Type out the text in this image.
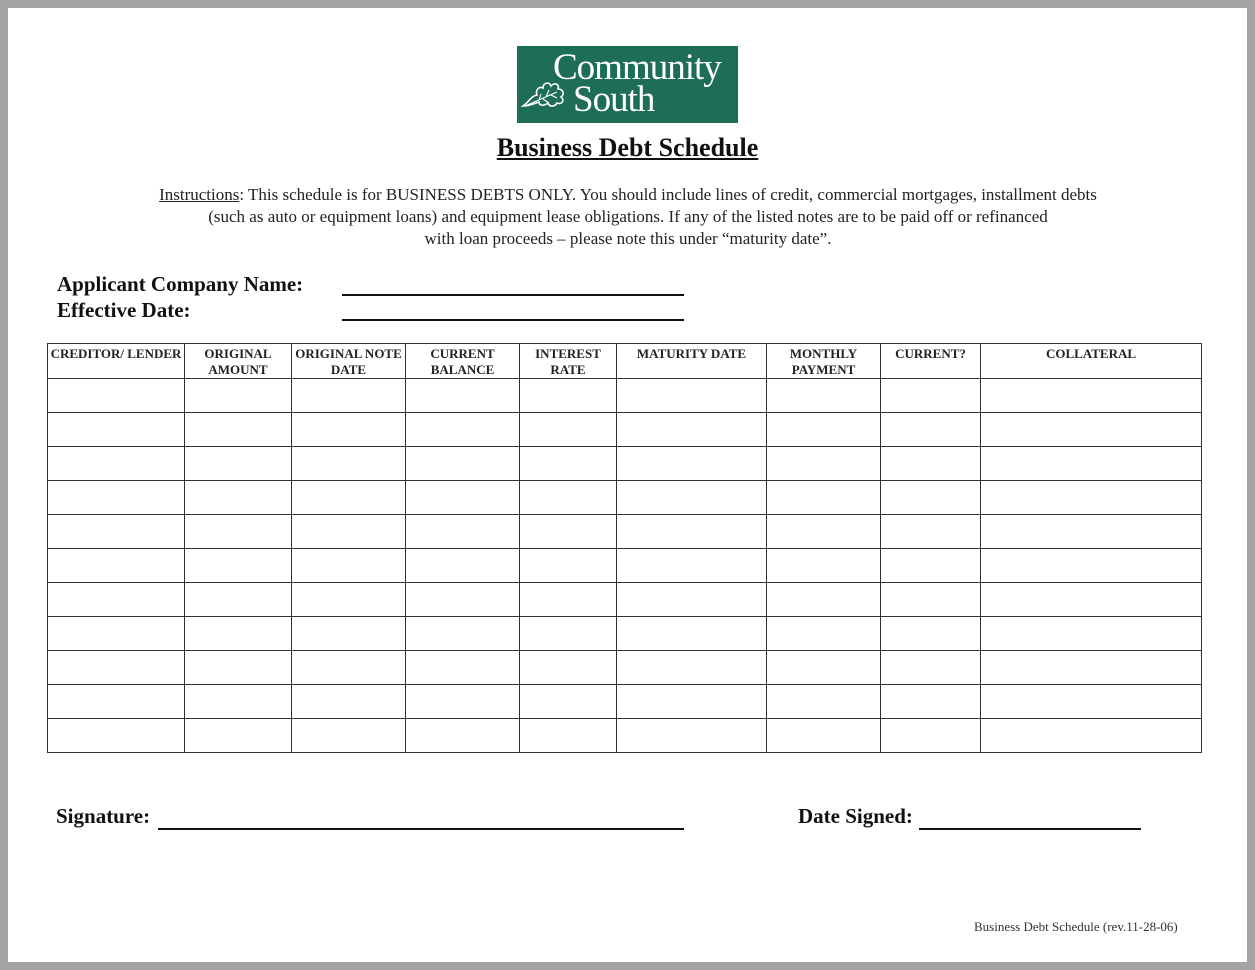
Community
South
Business Debt Schedule
Instructions: This schedule is for BUSINESS DEBTS ONLY. You should include lines of credit, commercial mortgages, installment debts
(such as auto or equipment loans) and equipment lease obligations. If any of the listed notes are to be paid off or refinanced
with loan proceeds – please note this under “maturity date”.
Applicant Company Name:
Effective Date:
CREDITOR/ LENDER	ORIGINAL AMOUNT	ORIGINAL NOTE DATE	CURRENT BALANCE	INTEREST RATE	MATURITY DATE	MONTHLY PAYMENT	CURRENT?	COLLATERAL

Signature:	Date Signed:
Business Debt Schedule (rev.11-28-06)
